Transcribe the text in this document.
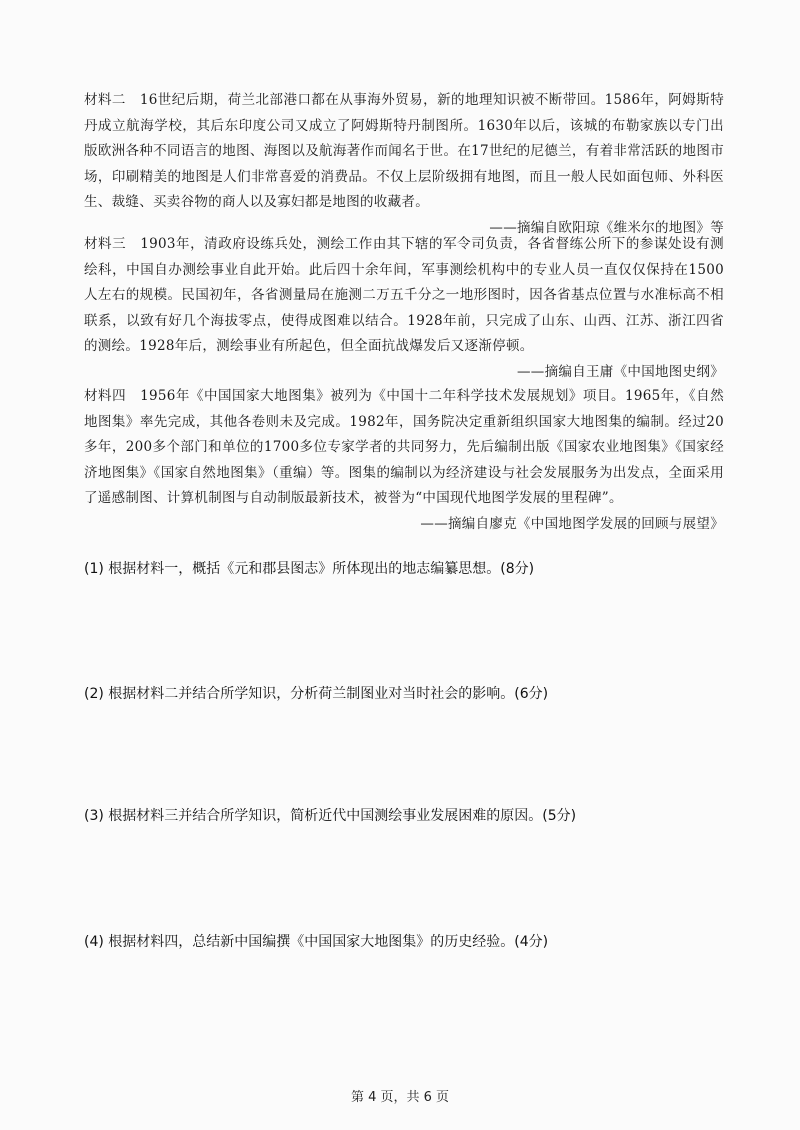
材料二　16世纪后期，荷兰北部港口都在从事海外贸易，新的地理知识被不断带回。1586年，阿姆斯特丹成立航海学校，其后东印度公司又成立了阿姆斯特丹制图所。1630年以后，该城的布勒家族以专门出版欧洲各种不同语言的地图、海图以及航海著作而闻名于世。在17世纪的尼德兰，有着非常活跃的地图市场，印刷精美的地图是人们非常喜爱的消费品。不仅上层阶级拥有地图，而且一般人民如面包师、外科医生、裁缝、买卖谷物的商人以及寡妇都是地图的收藏者。
——摘编自欧阳琼《维米尔的地图》等
材料三　1903年，清政府设练兵处，测绘工作由其下辖的军令司负责，各省督练公所下的参谋处设有测绘科，中国自办测绘事业自此开始。此后四十余年间，军事测绘机构中的专业人员一直仅仅保持在1500人左右的规模。民国初年，各省测量局在施测二万五千分之一地形图时，因各省基点位置与水准标高不相联系，以致有好几个海拔零点，使得成图难以结合。1928年前，只完成了山东、山西、江苏、浙江四省的测绘。1928年后，测绘事业有所起色，但全面抗战爆发后又逐渐停顿。
——摘编自王庸《中国地图史纲》
材料四　1956年《中国国家大地图集》被列为《中国十二年科学技术发展规划》项目。1965年，《自然地图集》率先完成，其他各卷则未及完成。1982年，国务院决定重新组织国家大地图集的编制。经过20多年，200多个部门和单位的1700多位专家学者的共同努力，先后编制出版《国家农业地图集》《国家经济地图集》《国家自然地图集》（重编）等。图集的编制以为经济建设与社会发展服务为出发点，全面采用了遥感制图、计算机制图与自动制版最新技术，被誉为“中国现代地图学发展的里程碑”。
——摘编自廖克《中国地图学发展的回顾与展望》
(1) 根据材料一，概括《元和郡县图志》所体现出的地志编纂思想。(8分)
(2) 根据材料二并结合所学知识，分析荷兰制图业对当时社会的影响。(6分)
(3) 根据材料三并结合所学知识，简析近代中国测绘事业发展困难的原因。(5分)
(4) 根据材料四，总结新中国编撰《中国国家大地图集》的历史经验。(4分)
第 4 页，共 6 页
